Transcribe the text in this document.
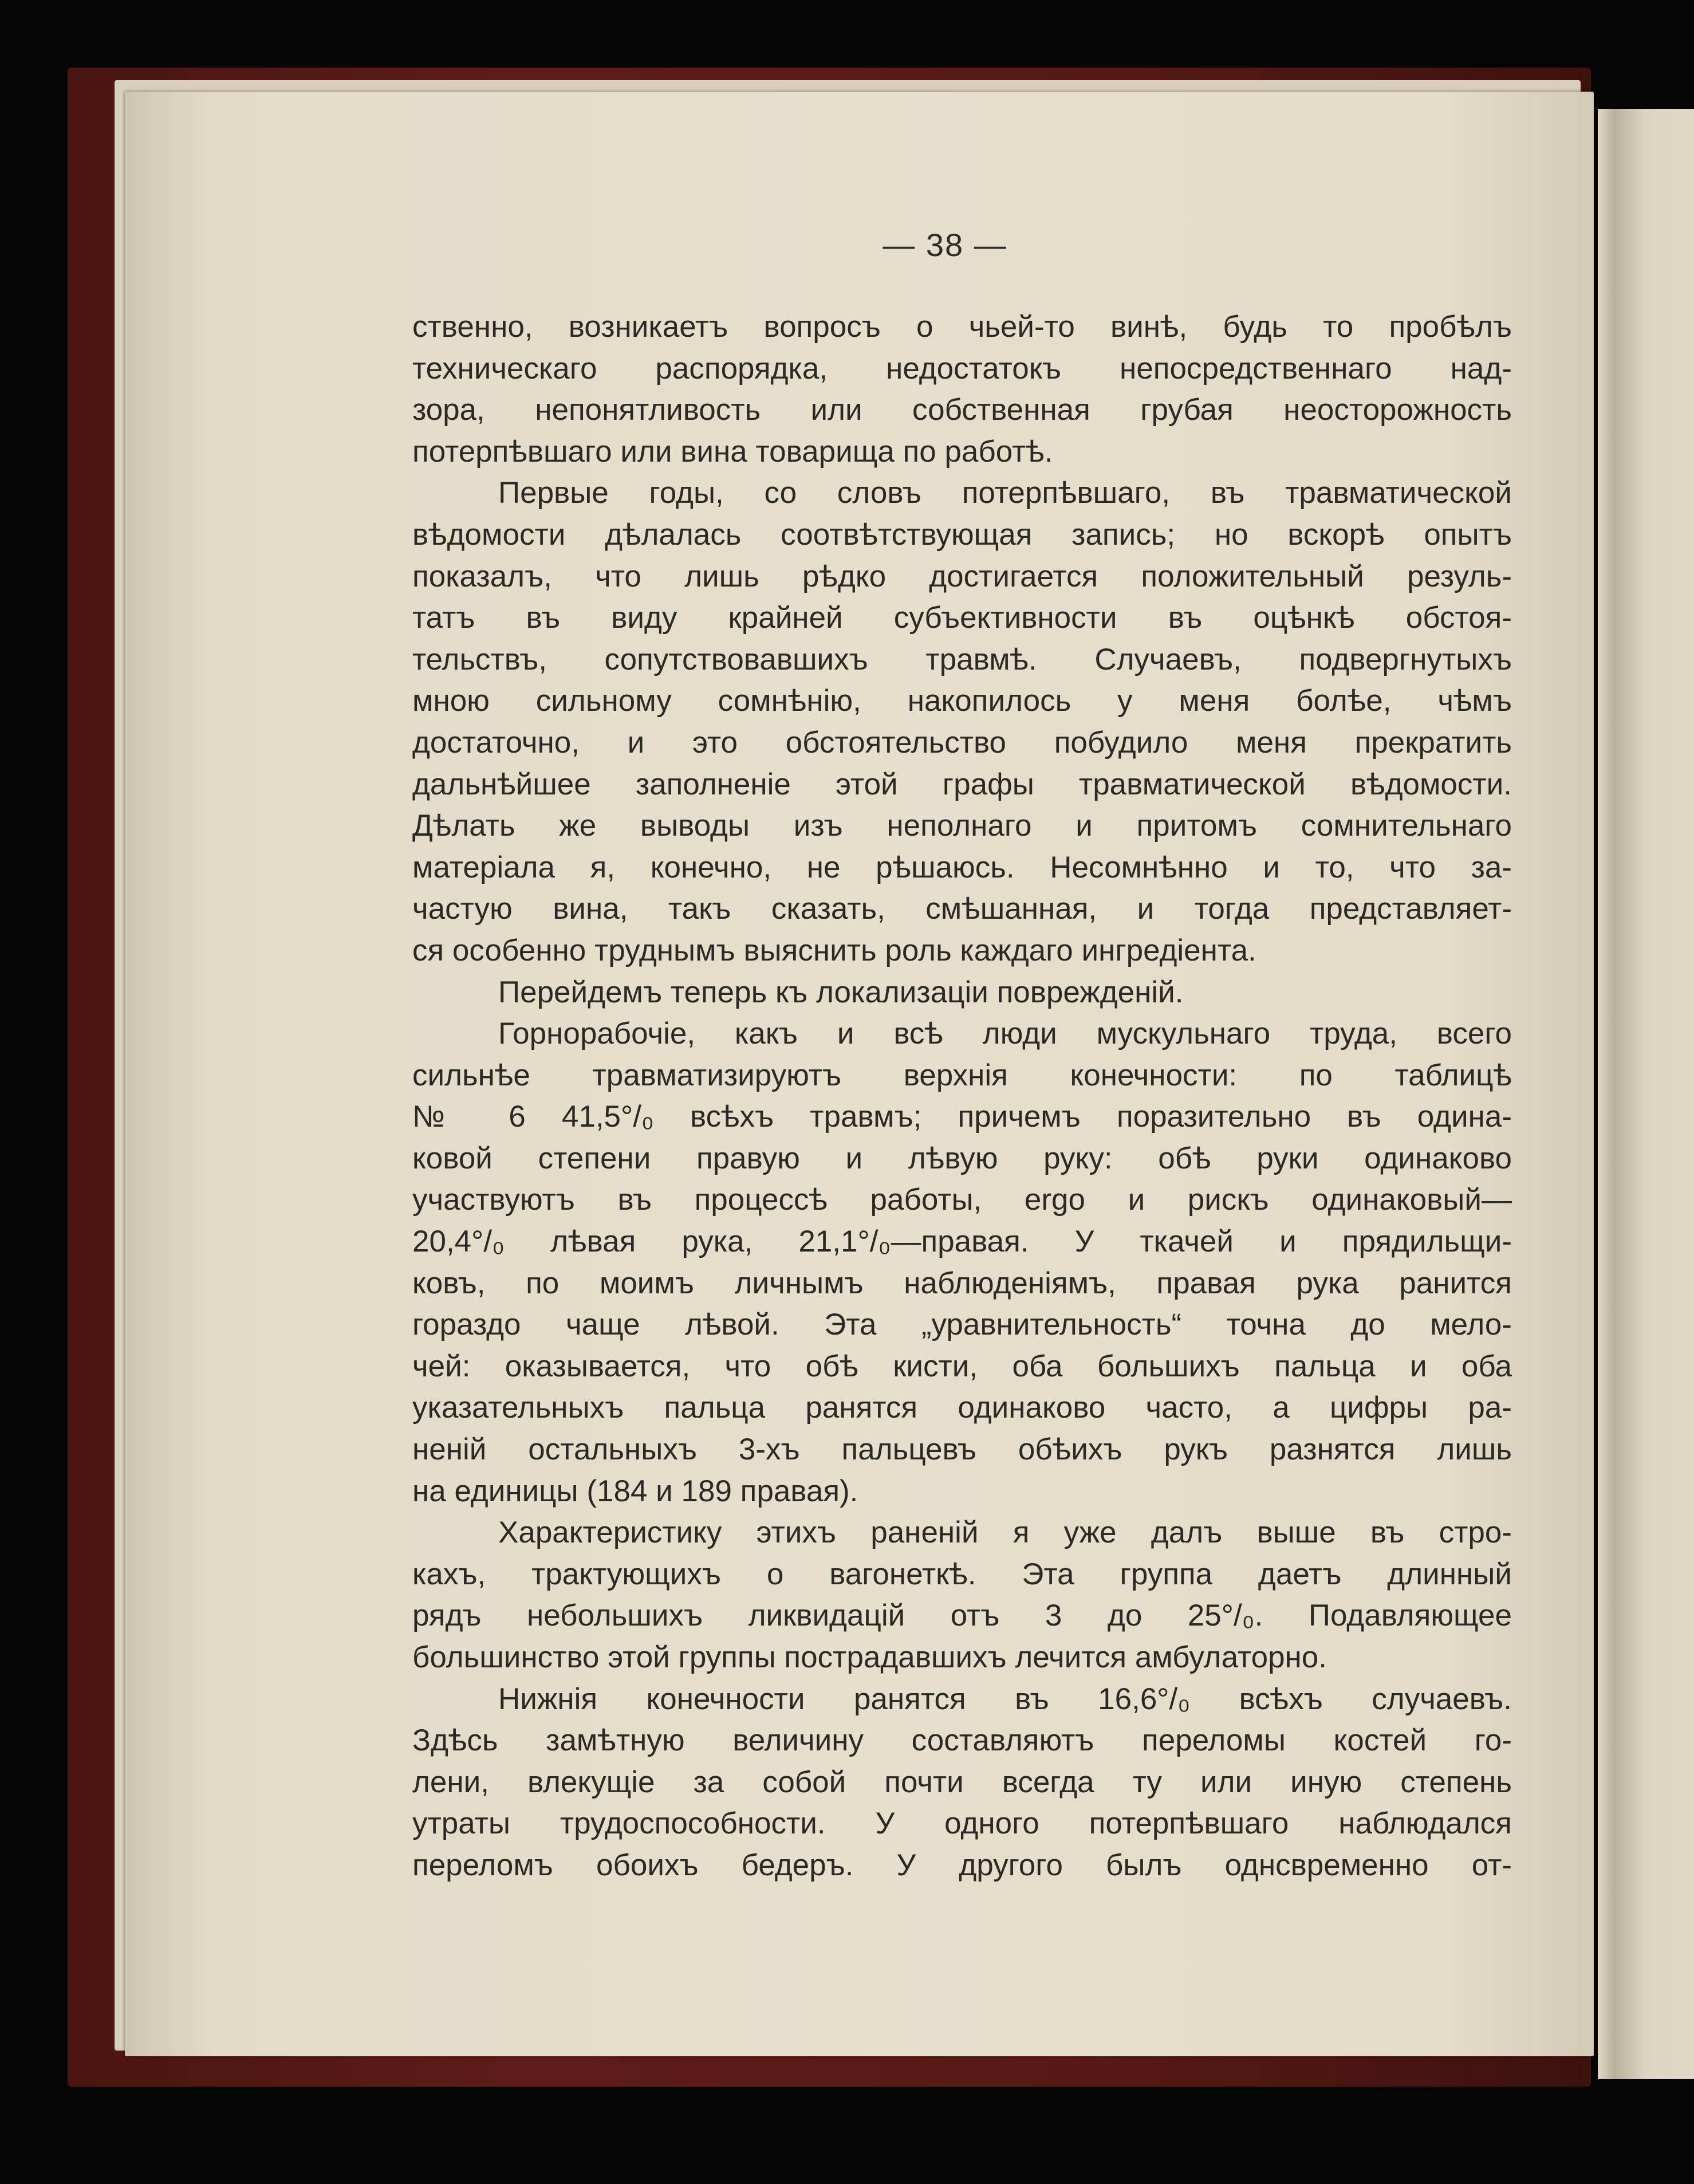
— 38 —
ственно, возникаетъ вопросъ о чьей-то винѣ, будь то пробѣлъ
техническаго распорядка, недостатокъ непосредственнаго над-
зора, непонятливость или собственная грубая неосторожность
потерпѣвшаго или вина товарища по работѣ.
Первые годы, со словъ потерпѣвшаго, въ травматической
вѣдомости дѣлалась соотвѣтствующая запись; но вскорѣ опытъ
показалъ, что лишь рѣдко достигается положительный резуль-
татъ въ виду крайней субъективности въ оцѣнкѣ обстоя-
тельствъ, сопутствовавшихъ травмѣ. Случаевъ, подвергнутыхъ
мною сильному сомнѣнію, накопилось у меня болѣе, чѣмъ
достаточно, и это обстоятельство побудило меня прекратить
дальнѣйшее заполненіе этой графы травматической вѣдомости.
Дѣлать же выводы изъ неполнаго и притомъ сомнительнаго
матеріала я, конечно, не рѣшаюсь. Несомнѣнно и то, что за-
частую вина, такъ сказать, смѣшанная, и тогда представляет-
ся особенно труднымъ выяснить роль каждаго ингредіента.
Перейдемъ теперь къ локализаціи поврежденій.
Горнорабочіе, какъ и всѣ люди мускульнаго труда, всего
сильнѣе травматизируютъ верхнія конечности: по таблицѣ
№ 6 41,5°/₀ всѣхъ травмъ; причемъ поразительно въ одина-
ковой степени правую и лѣвую руку: обѣ руки одинаково
участвуютъ въ процессѣ работы, ergo и рискъ одинаковый—
20,4°/₀ лѣвая рука, 21,1°/₀—правая. У ткачей и прядильщи-
ковъ, по моимъ личнымъ наблюденіямъ, правая рука ранится
гораздо чаще лѣвой. Эта „уравнительность“ точна до мело-
чей: оказывается, что обѣ кисти, оба большихъ пальца и оба
указательныхъ пальца ранятся одинаково часто, а цифры ра-
неній остальныхъ 3-хъ пальцевъ обѣихъ рукъ разнятся лишь
на единицы (184 и 189 правая).
Характеристику этихъ раненій я уже далъ выше въ стро-
кахъ, трактующихъ о вагонеткѣ. Эта группа даетъ длинный
рядъ небольшихъ ликвидацій отъ 3 до 25°/₀. Подавляющее
большинство этой группы пострадавшихъ лечится амбулаторно.
Нижнія конечности ранятся въ 16,6°/₀ всѣхъ случаевъ.
Здѣсь замѣтную величину составляютъ переломы костей го-
лени, влекущіе за собой почти всегда ту или иную степень
утраты трудоспособности. У одного потерпѣвшаго наблюдался
переломъ обоихъ бедеръ. У другого былъ однсвременно от-
